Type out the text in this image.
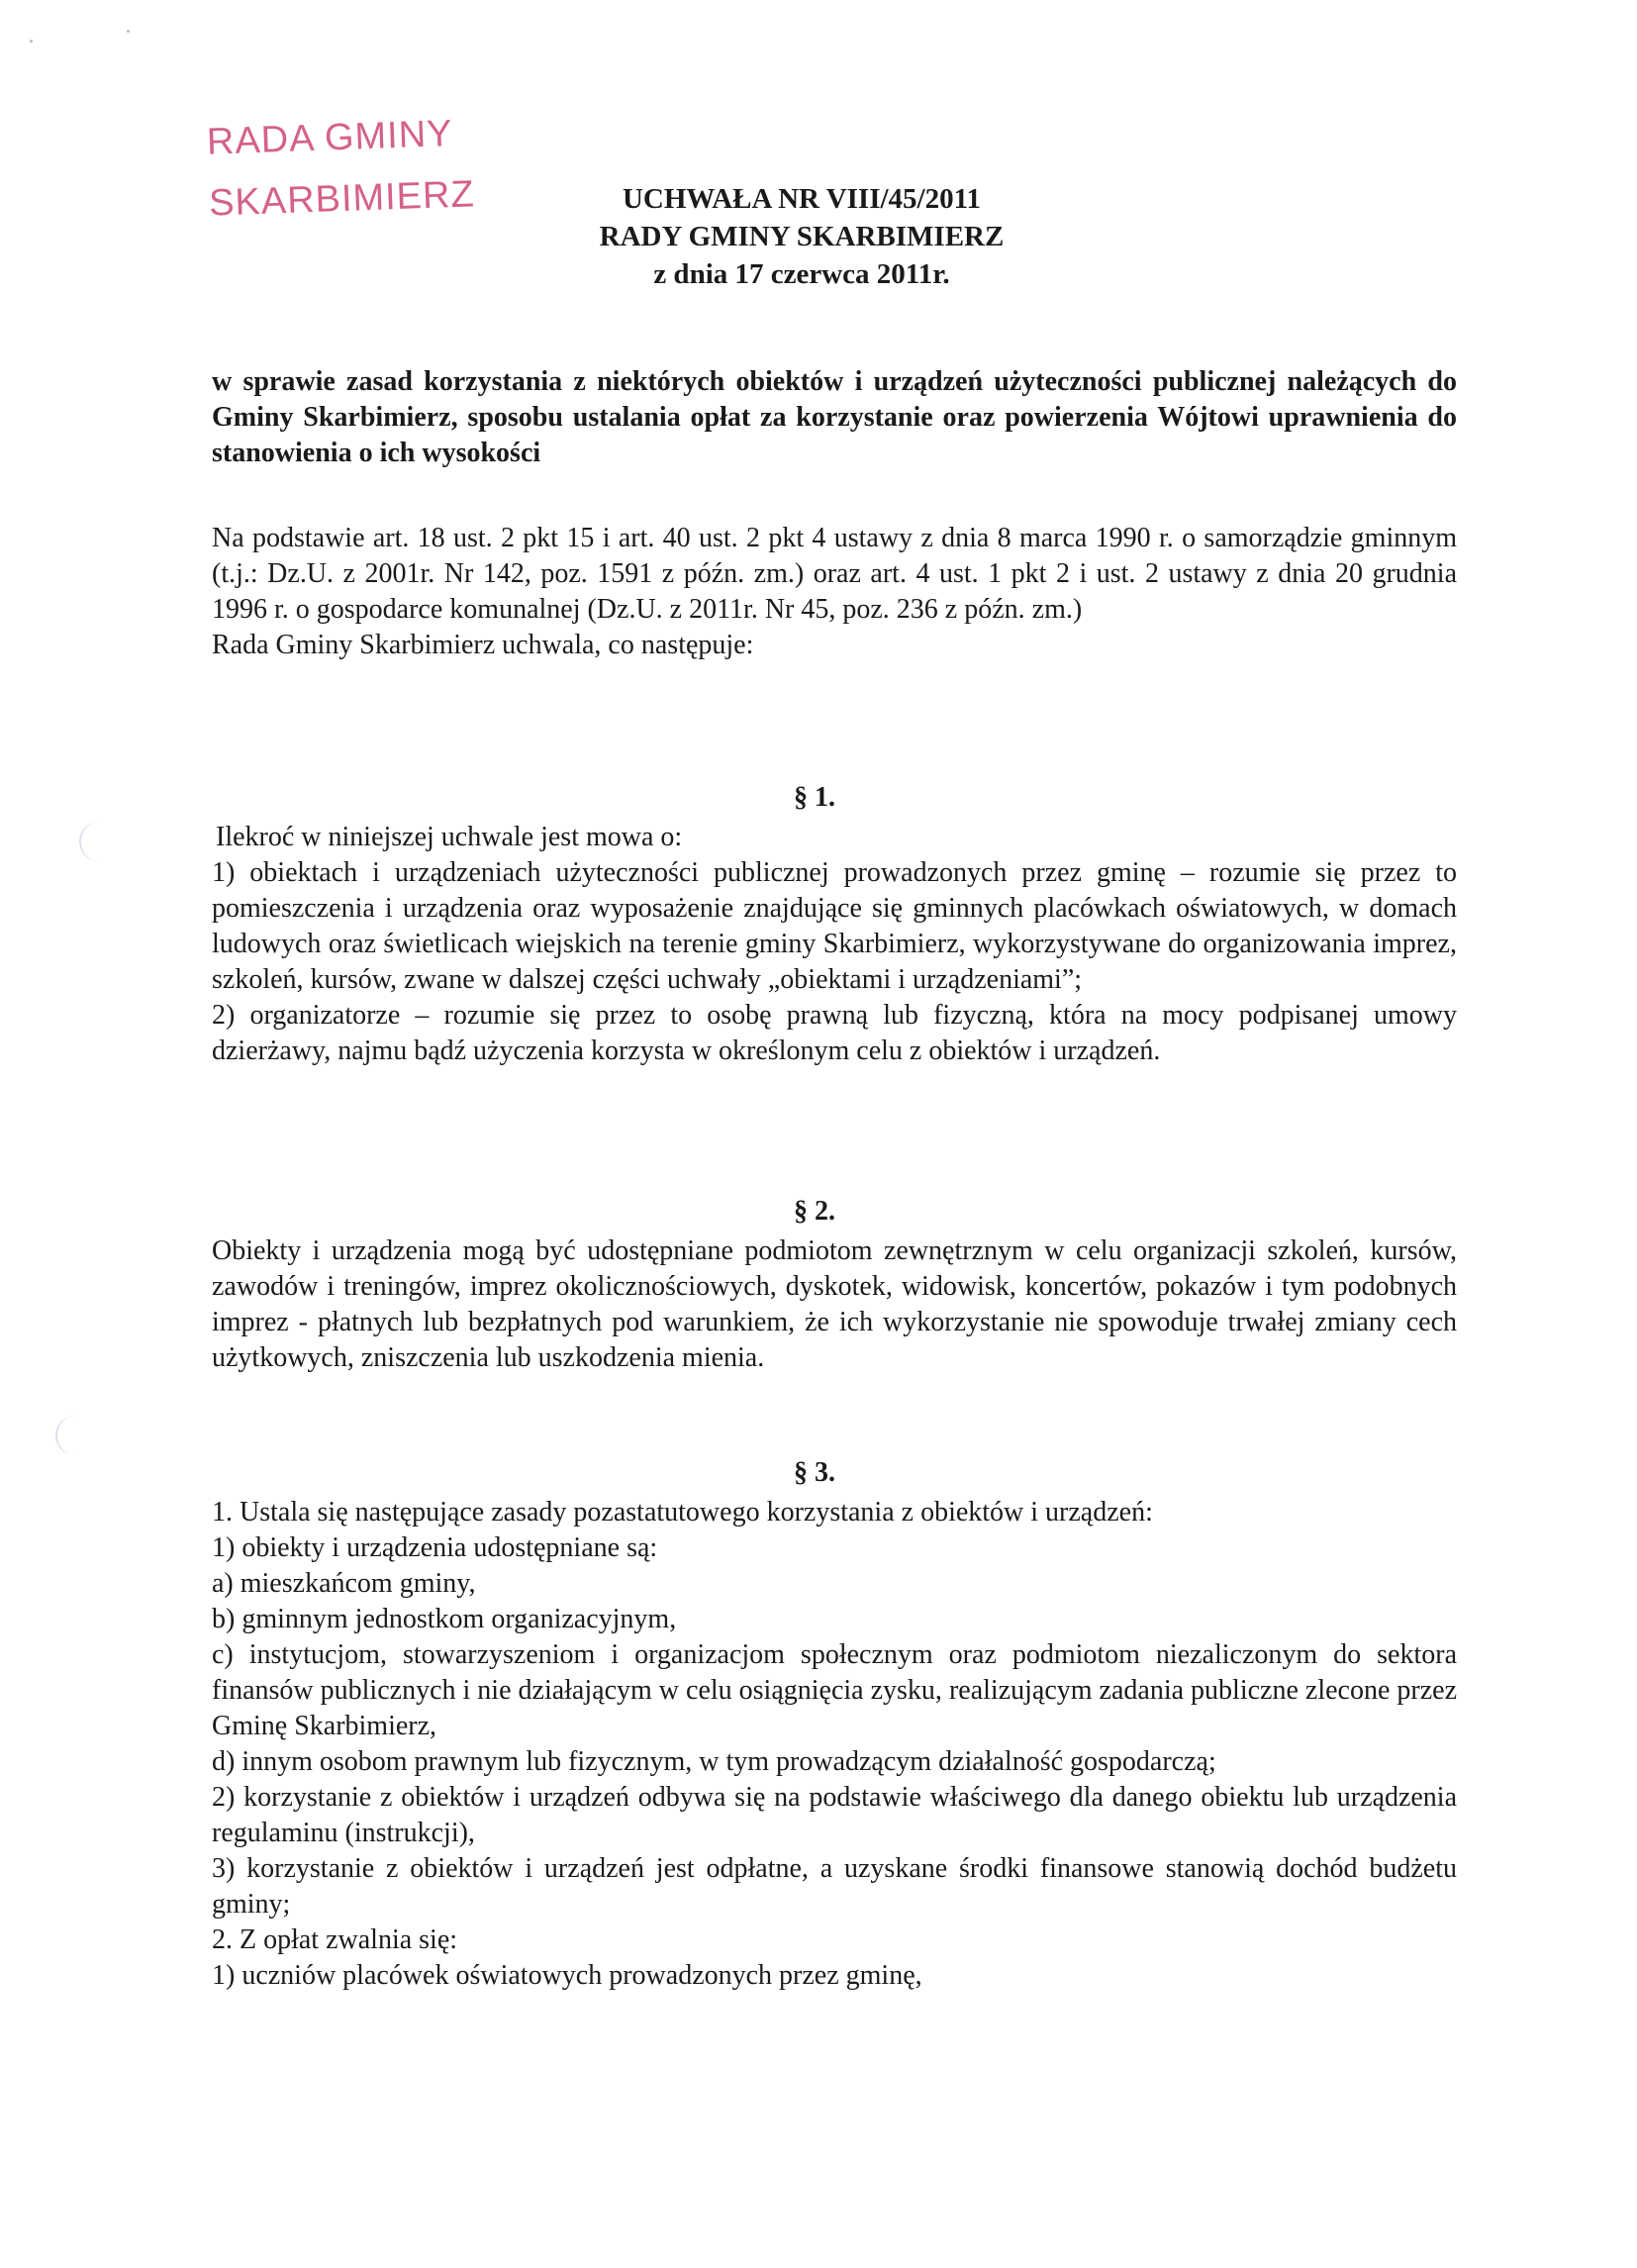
RADA GMINY
SKARBIMIERZ	UCHWAŁA NR VIII/45/2011
RADY GMINY SKARBIMIERZ
z dnia 17 czerwca 2011r.
w sprawie zasad korzystania z niektórych obiektów i urządzeń użyteczności publicznej należących do Gminy Skarbimierz, sposobu ustalania opłat za korzystanie oraz powierzenia Wójtowi uprawnienia do stanowienia o ich wysokości
Na podstawie art. 18 ust. 2 pkt 15 i art. 40 ust. 2 pkt 4 ustawy z dnia 8 marca 1990 r. o samorządzie gminnym (t.j.: Dz.U. z 2001r. Nr 142, poz. 1591 z późn. zm.) oraz art. 4 ust. 1 pkt 2 i ust. 2 ustawy z dnia 20 grudnia 1996 r. o gospodarce komunalnej (Dz.U. z 2011r. Nr 45, poz. 236 z późn. zm.)
Rada Gminy Skarbimierz uchwala, co następuje:
§ 1.
Ilekroć w niniejszej uchwale jest mowa o:
1) obiektach i urządzeniach użyteczności publicznej prowadzonych przez gminę – rozumie się przez to pomieszczenia i urządzenia oraz wyposażenie znajdujące się gminnych placówkach oświatowych, w domach ludowych oraz świetlicach wiejskich na terenie gminy Skarbimierz, wykorzystywane do organizowania imprez, szkoleń, kursów, zwane w dalszej części uchwały „obiektami i urządzeniami”;
2) organizatorze – rozumie się przez to osobę prawną lub fizyczną, która na mocy podpisanej umowy dzierżawy, najmu bądź użyczenia korzysta w określonym celu z obiektów i urządzeń.
§ 2.
Obiekty i urządzenia mogą być udostępniane podmiotom zewnętrznym w celu organizacji szkoleń, kursów, zawodów i treningów, imprez okolicznościowych, dyskotek, widowisk, koncertów, pokazów i tym podobnych imprez - płatnych lub bezpłatnych pod warunkiem, że ich wykorzystanie nie spowoduje trwałej zmiany cech użytkowych, zniszczenia lub uszkodzenia mienia.
§ 3.
1. Ustala się następujące zasady pozastatutowego korzystania z obiektów i urządzeń:
1) obiekty i urządzenia udostępniane są:
a) mieszkańcom gminy,
b) gminnym jednostkom organizacyjnym,
c) instytucjom, stowarzyszeniom i organizacjom społecznym oraz podmiotom niezaliczonym do sektora finansów publicznych i nie działającym w celu osiągnięcia zysku, realizującym zadania publiczne zlecone przez Gminę Skarbimierz,
d) innym osobom prawnym lub fizycznym, w tym prowadzącym działalność gospodarczą;
2) korzystanie z obiektów i urządzeń odbywa się na podstawie właściwego dla danego obiektu lub urządzenia regulaminu (instrukcji),
3) korzystanie z obiektów i urządzeń jest odpłatne, a uzyskane środki finansowe stanowią dochód budżetu gminy;
2. Z opłat zwalnia się:
1) uczniów placówek oświatowych prowadzonych przez gminę,
